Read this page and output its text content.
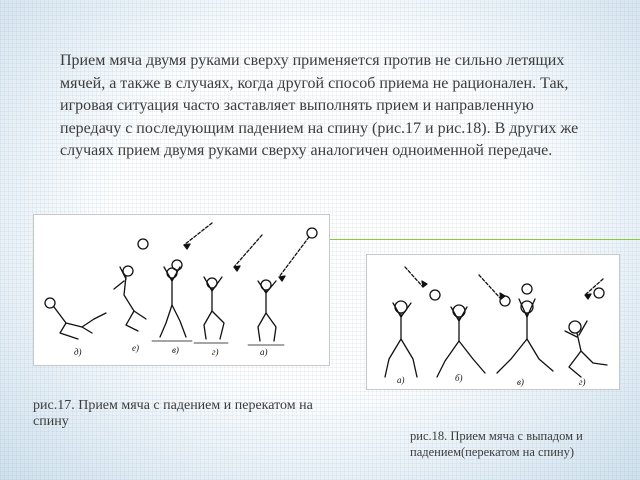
Прием мяча двумя руками сверху применяется против не сильно летящих мячей, а также в случаях, когда другой способ приема не рационален. Так, игровая ситуация часто заставляет выполнять прием и направленную передачу с последующим падением на спину (рис.17 и рис.18). В других же случаях прием двумя руками сверху аналогичен одноименной передаче.

д)	е)	в)	г)	а)
а)	б)	в)	г)
рис.17. Прием мяча с падением и перекатом на спину
рис.18. Прием мяча с выпадом и падением(перекатом на спину)
